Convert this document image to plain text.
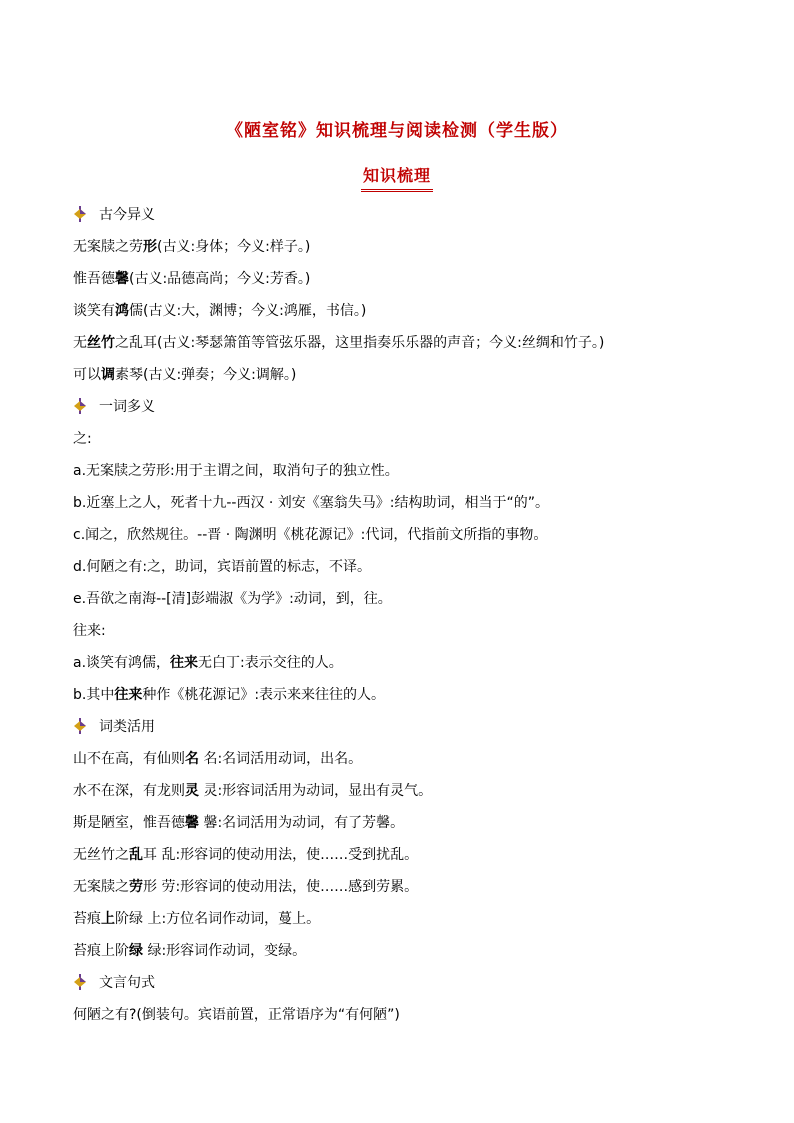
《陋室铭》知识梳理与阅读检测（学生版）
知识梳理
古今异义
无案牍之劳形(古义:身体；今义:样子。)
惟吾德馨(古义:品德高尚；今义:芳香。)
谈笑有鸿儒(古义:大，渊博；今义:鸿雁，书信。)
无丝竹之乱耳(古义:琴瑟箫笛等管弦乐器，这里指奏乐乐器的声音；今义:丝绸和竹子。)
可以调素琴(古义:弹奏；今义:调解。)
一词多义
之:
a.无案牍之劳形:用于主谓之间，取消句子的独立性。
b.近塞上之人，死者十九--西汉 · 刘安《塞翁失马》:结构助词，相当于“的”。
c.闻之，欣然规往。--晋 · 陶渊明《桃花源记》:代词，代指前文所指的事物。
d.何陋之有:之，助词，宾语前置的标志，不译。
e.吾欲之南海--[清]彭端淑《为学》:动词，到，往。
往来:
a.谈笑有鸿儒，往来无白丁:表示交往的人。
b.其中往来种作《桃花源记》:表示来来往往的人。
词类活用
山不在高，有仙则名 名:名词活用动词，出名。
水不在深，有龙则灵 灵:形容词活用为动词，显出有灵气。
斯是陋室，惟吾德馨 馨:名词活用为动词，有了芳馨。
无丝竹之乱耳 乱:形容词的使动用法，使……受到扰乱。
无案牍之劳形 劳:形容词的使动用法，使……感到劳累。
苔痕上阶绿 上:方位名词作动词，蔓上。
苔痕上阶绿 绿:形容词作动词，变绿。
文言句式
何陋之有?(倒装句。宾语前置，正常语序为“有何陋”)
